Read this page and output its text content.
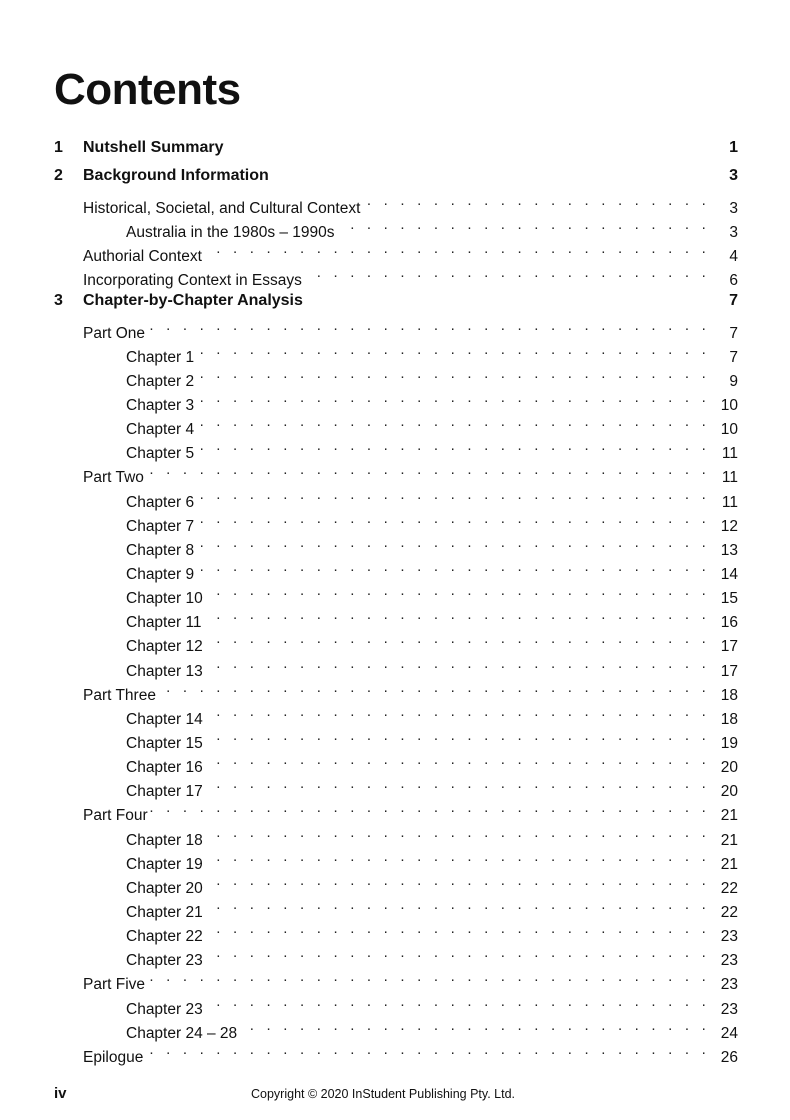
Contents
1 Nutshell Summary	1
2 Background Information	3
Historical, Societal, and Cultural Context . . .	3
Australia in the 1980s – 1990s . . .	3
Authorial Context . . .	4
Incorporating Context in Essays . . .	6
3 Chapter-by-Chapter Analysis	7
Part One . . .	7
Chapter 1 . . .	7
Chapter 2 . . .	9
Chapter 3 . . .	10
Chapter 4 . . .	10
Chapter 5 . . .	11
Part Two . . .	11
Chapter 6 . . .	11
Chapter 7 . . .	12
Chapter 8 . . .	13
Chapter 9 . . .	14
Chapter 10 . . .	15
Chapter 11 . . .	16
Chapter 12 . . .	17
Chapter 13 . . .	17
Part Three . . .	18
Chapter 14 . . .	18
Chapter 15 . . .	19
Chapter 16 . . .	20
Chapter 17 . . .	20
Part Four . . .	21
Chapter 18 . . .	21
Chapter 19 . . .	21
Chapter 20 . . .	22
Chapter 21 . . .	22
Chapter 22 . . .	23
Chapter 23 . . .	23
Part Five . . .	23
Chapter 23 . . .	23
Chapter 24 – 28 . . .	24
Epilogue . . .	26
iv	Copyright © 2020 InStudent Publishing Pty. Ltd.
